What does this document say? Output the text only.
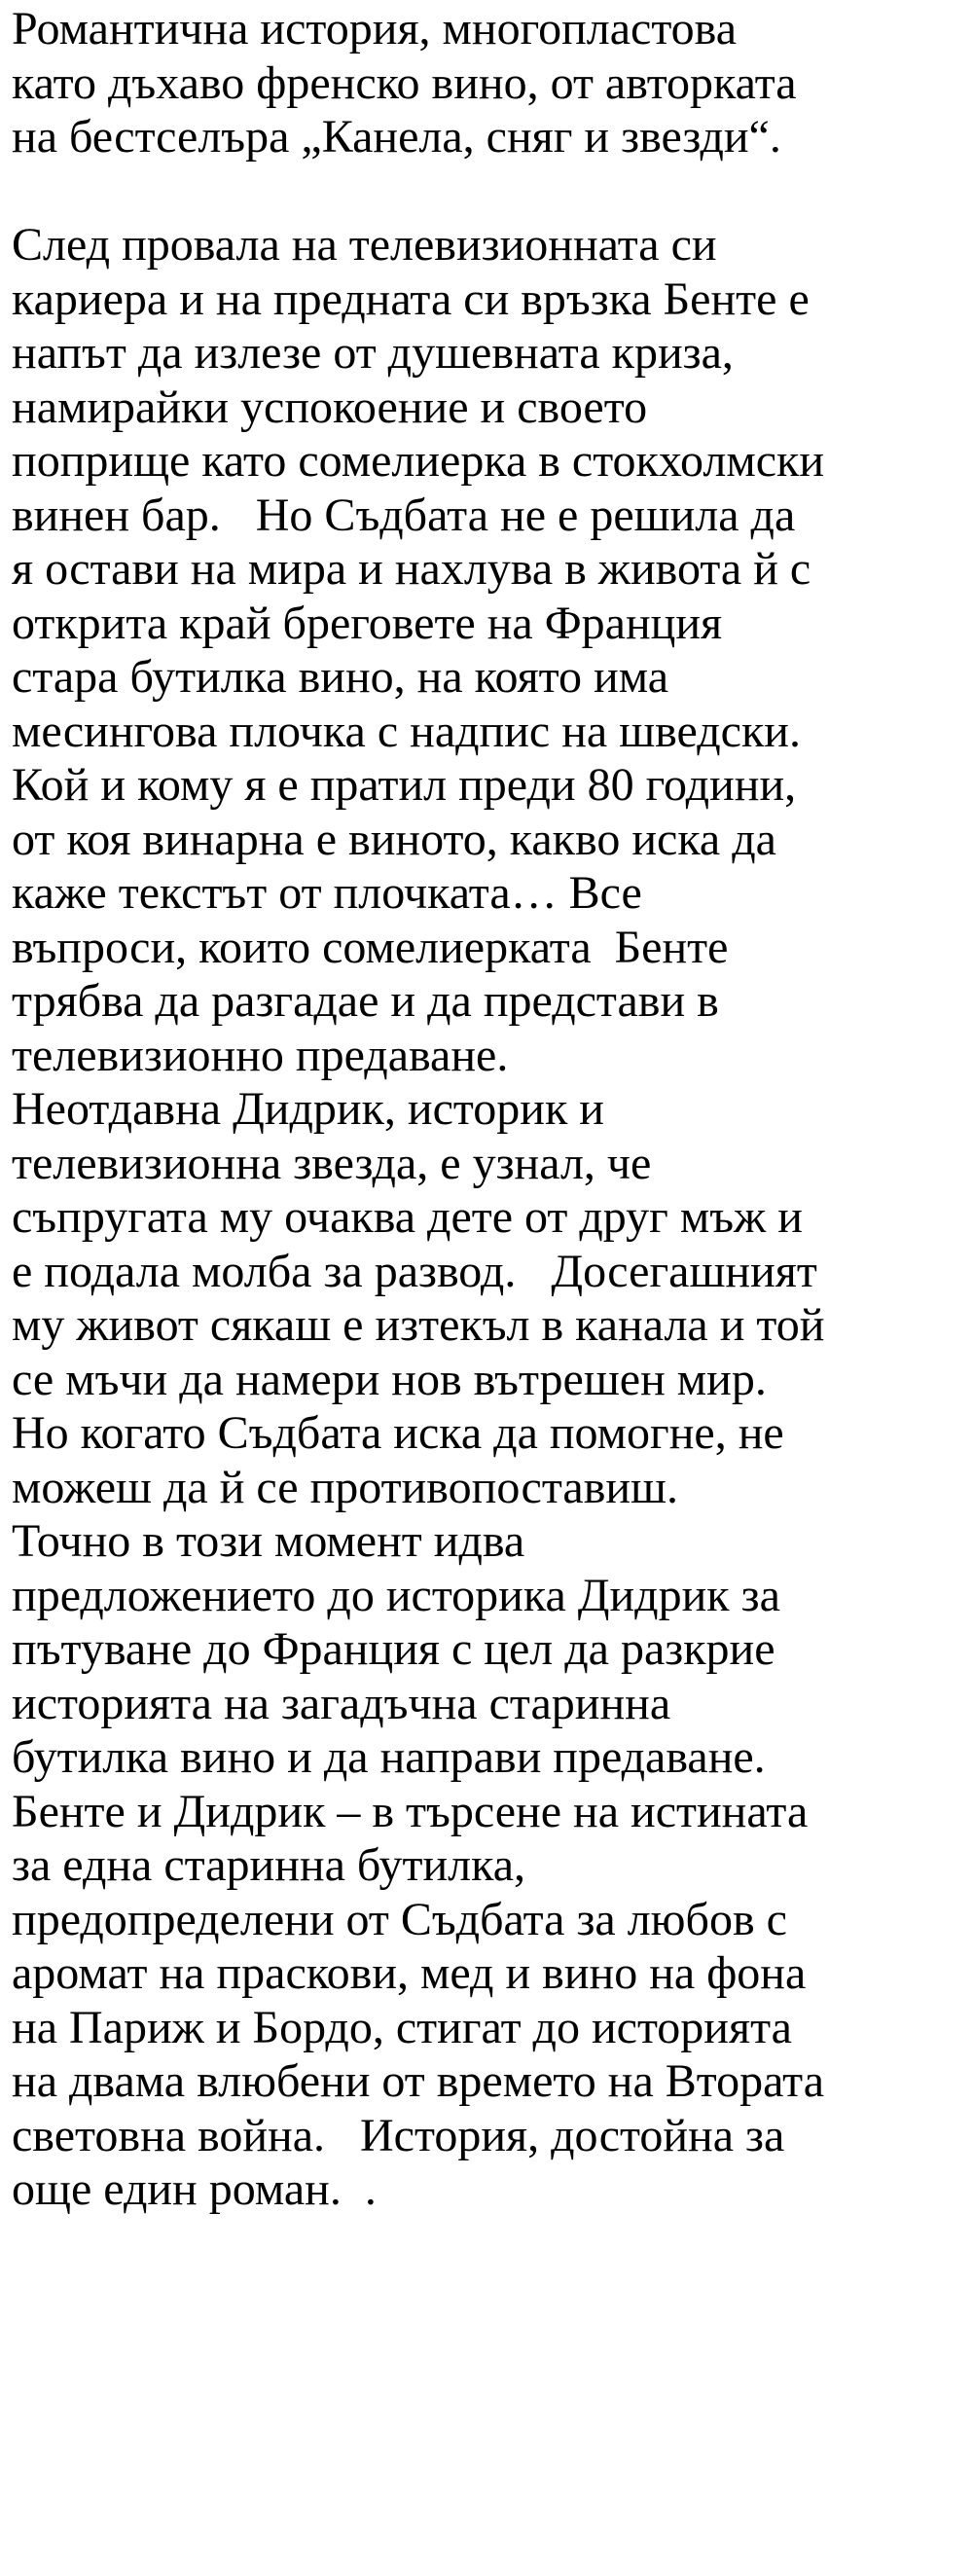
Романтична история, многопластова
като дъхаво френско вино, от авторката
на бестселъра „Канела, сняг и звезди“.
След провала на телевизионната си
кариера и на предната си връзка Бенте е
напът да излезе от душевната криза,
намирайки успокоение и своето
поприще като сомелиерка в стокхолмски
винен бар.   Но Съдбата не е решила да
я остави на мира и нахлува в живота й с
открита край бреговете на Франция
стара бутилка вино, на която има
месингова плочка с надпис на шведски.
Кой и кому я е пратил преди 80 години,
от коя винарна е виното, какво иска да
каже текстът от плочката… Все
въпроси, които сомелиерката  Бенте
трябва да разгадае и да представи в
телевизионно предаване.
Неотдавна Дидрик, историк и
телевизионна звезда, е узнал, че
съпругата му очаква дете от друг мъж и
е подала молба за развод.   Досегашният
му живот сякаш е изтекъл в канала и той
се мъчи да намери нов вътрешен мир.
Но когато Съдбата иска да помогне, не
можеш да й се противопоставиш.
Точно в този момент идва
предложението до историка Дидрик за
пътуване до Франция с цел да разкрие
историята на загадъчна старинна
бутилка вино и да направи предаване.
Бенте и Дидрик – в търсене на истината
за една старинна бутилка,
предопределени от Съдбата за любов с
аромат на праскови, мед и вино на фона
на Париж и Бордо, стигат до историята
на двама влюбени от времето на Втората
световна война.   История, достойна за
още един роман.  .
